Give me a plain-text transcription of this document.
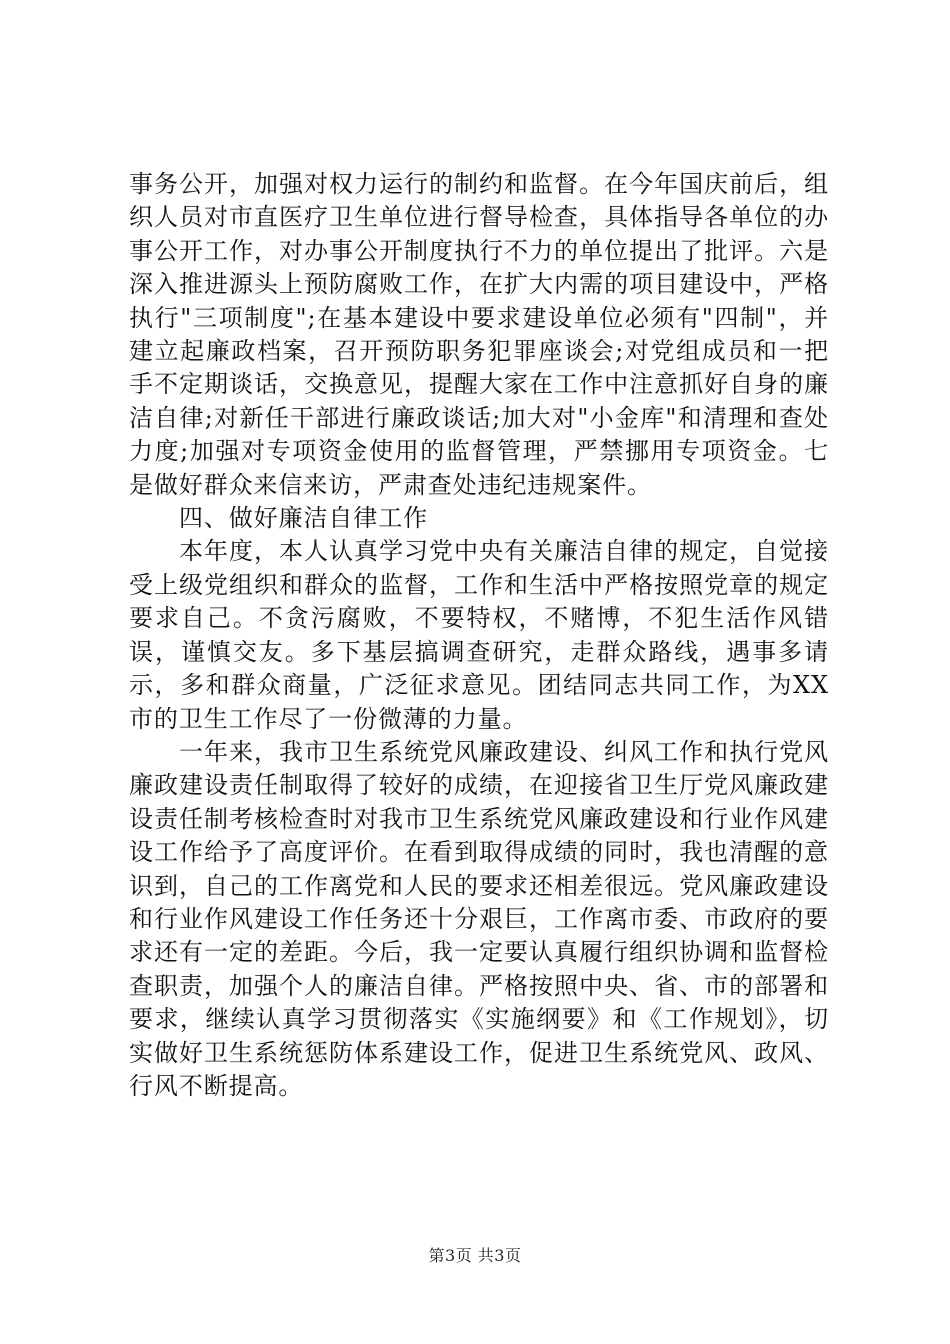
事务公开，加强对权力运行的制约和监督。在今年国庆前后，组织人员对市直医疗卫生单位进行督导检查，具体指导各单位的办事公开工作，对办事公开制度执行不力的单位提出了批评。六是深入推进源头上预防腐败工作，在扩大内需的项目建设中，严格执行"三项制度";在基本建设中要求建设单位必须有"四制"，并建立起廉政档案，召开预防职务犯罪座谈会;对党组成员和一把手不定期谈话，交换意见，提醒大家在工作中注意抓好自身的廉洁自律;对新任干部进行廉政谈话;加大对"小金库"和清理和查处力度;加强对专项资金使用的监督管理，严禁挪用专项资金。七是做好群众来信来访，严肃查处违纪违规案件。

四、做好廉洁自律工作

本年度，本人认真学习党中央有关廉洁自律的规定，自觉接受上级党组织和群众的监督，工作和生活中严格按照党章的规定要求自己。不贪污腐败，不要特权，不赌博，不犯生活作风错误，谨慎交友。多下基层搞调查研究，走群众路线，遇事多请示，多和群众商量，广泛征求意见。团结同志共同工作，为XX市的卫生工作尽了一份微薄的力量。

一年来，我市卫生系统党风廉政建设、纠风工作和执行党风廉政建设责任制取得了较好的成绩，在迎接省卫生厅党风廉政建设责任制考核检查时对我市卫生系统党风廉政建设和行业作风建设工作给予了高度评价。在看到取得成绩的同时，我也清醒的意识到，自己的工作离党和人民的要求还相差很远。党风廉政建设和行业作风建设工作任务还十分艰巨，工作离市委、市政府的要求还有一定的差距。今后，我一定要认真履行组织协调和监督检查职责，加强个人的廉洁自律。严格按照中央、省、市的部署和要求，继续认真学习贯彻落实《实施纲要》和《工作规划》，切实做好卫生系统惩防体系建设工作，促进卫生系统党风、政风、行风不断提高。

第3页 共3页
